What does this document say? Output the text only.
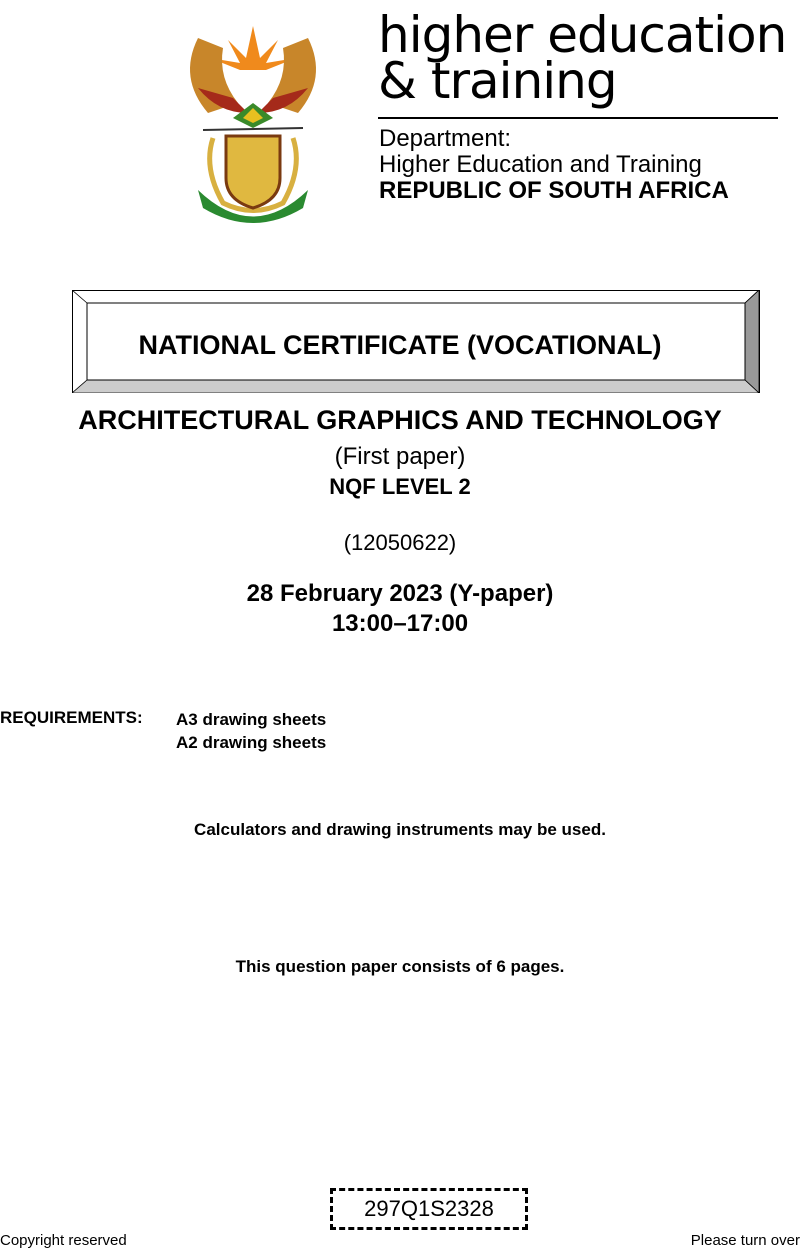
higher education
& training
Department:
Higher Education and Training
REPUBLIC OF SOUTH AFRICA
NATIONAL CERTIFICATE (VOCATIONAL)
ARCHITECTURAL GRAPHICS AND TECHNOLOGY
(First paper)
NQF LEVEL 2
(12050622)
28 February 2023 (Y-paper)
13:00–17:00
REQUIREMENTS: A3 drawing sheets
A2 drawing sheets
Calculators and drawing instruments may be used.
This question paper consists of 6 pages.
297Q1S2328
Copyright reserved	Please turn over
